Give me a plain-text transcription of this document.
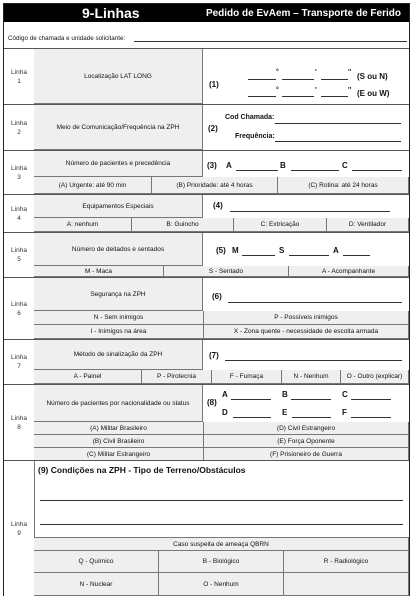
9-Linhas	Pedido de EvAem – Transporte de Ferido
Código de chamada e unidade solicitante:
Linha
1
Localização LAT LONG
(1)
°	'	'' (S ou N)
°	'	'' (E ou W)
Linha
2
Meio de Comunicação/Frequência na ZPH	(2)
Cod Chamada:
Frequência:
Linha
3
Número de pacientes e precedência	(3) A	B	C
(A) Urgente: até 90 min	(B) Prioridade: até 4 horas	(C) Rotina: até 24 horas
Linha
4
Equipamentos Especiais	(4)
A: nenhum	B: Guincho	C: Extricação	D: Ventilador
Linha
5
Número de deitados e sentados	(5) M	S	A
M - Maca	S - Sentado	A - Acompanhante
Linha
6
Segurança na ZPH	(6)
N - Sem inimigos	P - Possíveis inimigos
I - Inimigos na área	X - Zona quente - necessidade de escolta armada
Linha
7
Método de sinalização da ZPH	(7)
A - Painel	P - Pirotecnia	F - Fumaça	N - Nenhum	O - Outro (explicar)
Linha
8
Número de pacientes por nacionalidade ou status	(8)
A	B	C
D	E	F
(A) Militar Brasileiro	(D) Civil Estrangeiro
(B) Civil Brasileiro	(E) Força Oponente
(C) Militar Estrangeiro	(F) Prisioneiro de Guerra
Linha
9
(9) Condições na ZPH - Tipo de Terreno/Obstáculos
Caso suspeita de ameaça QBRN
Q - Químico	B - Biológico	R - Radiológico
N - Nuclear	O - Nenhum
